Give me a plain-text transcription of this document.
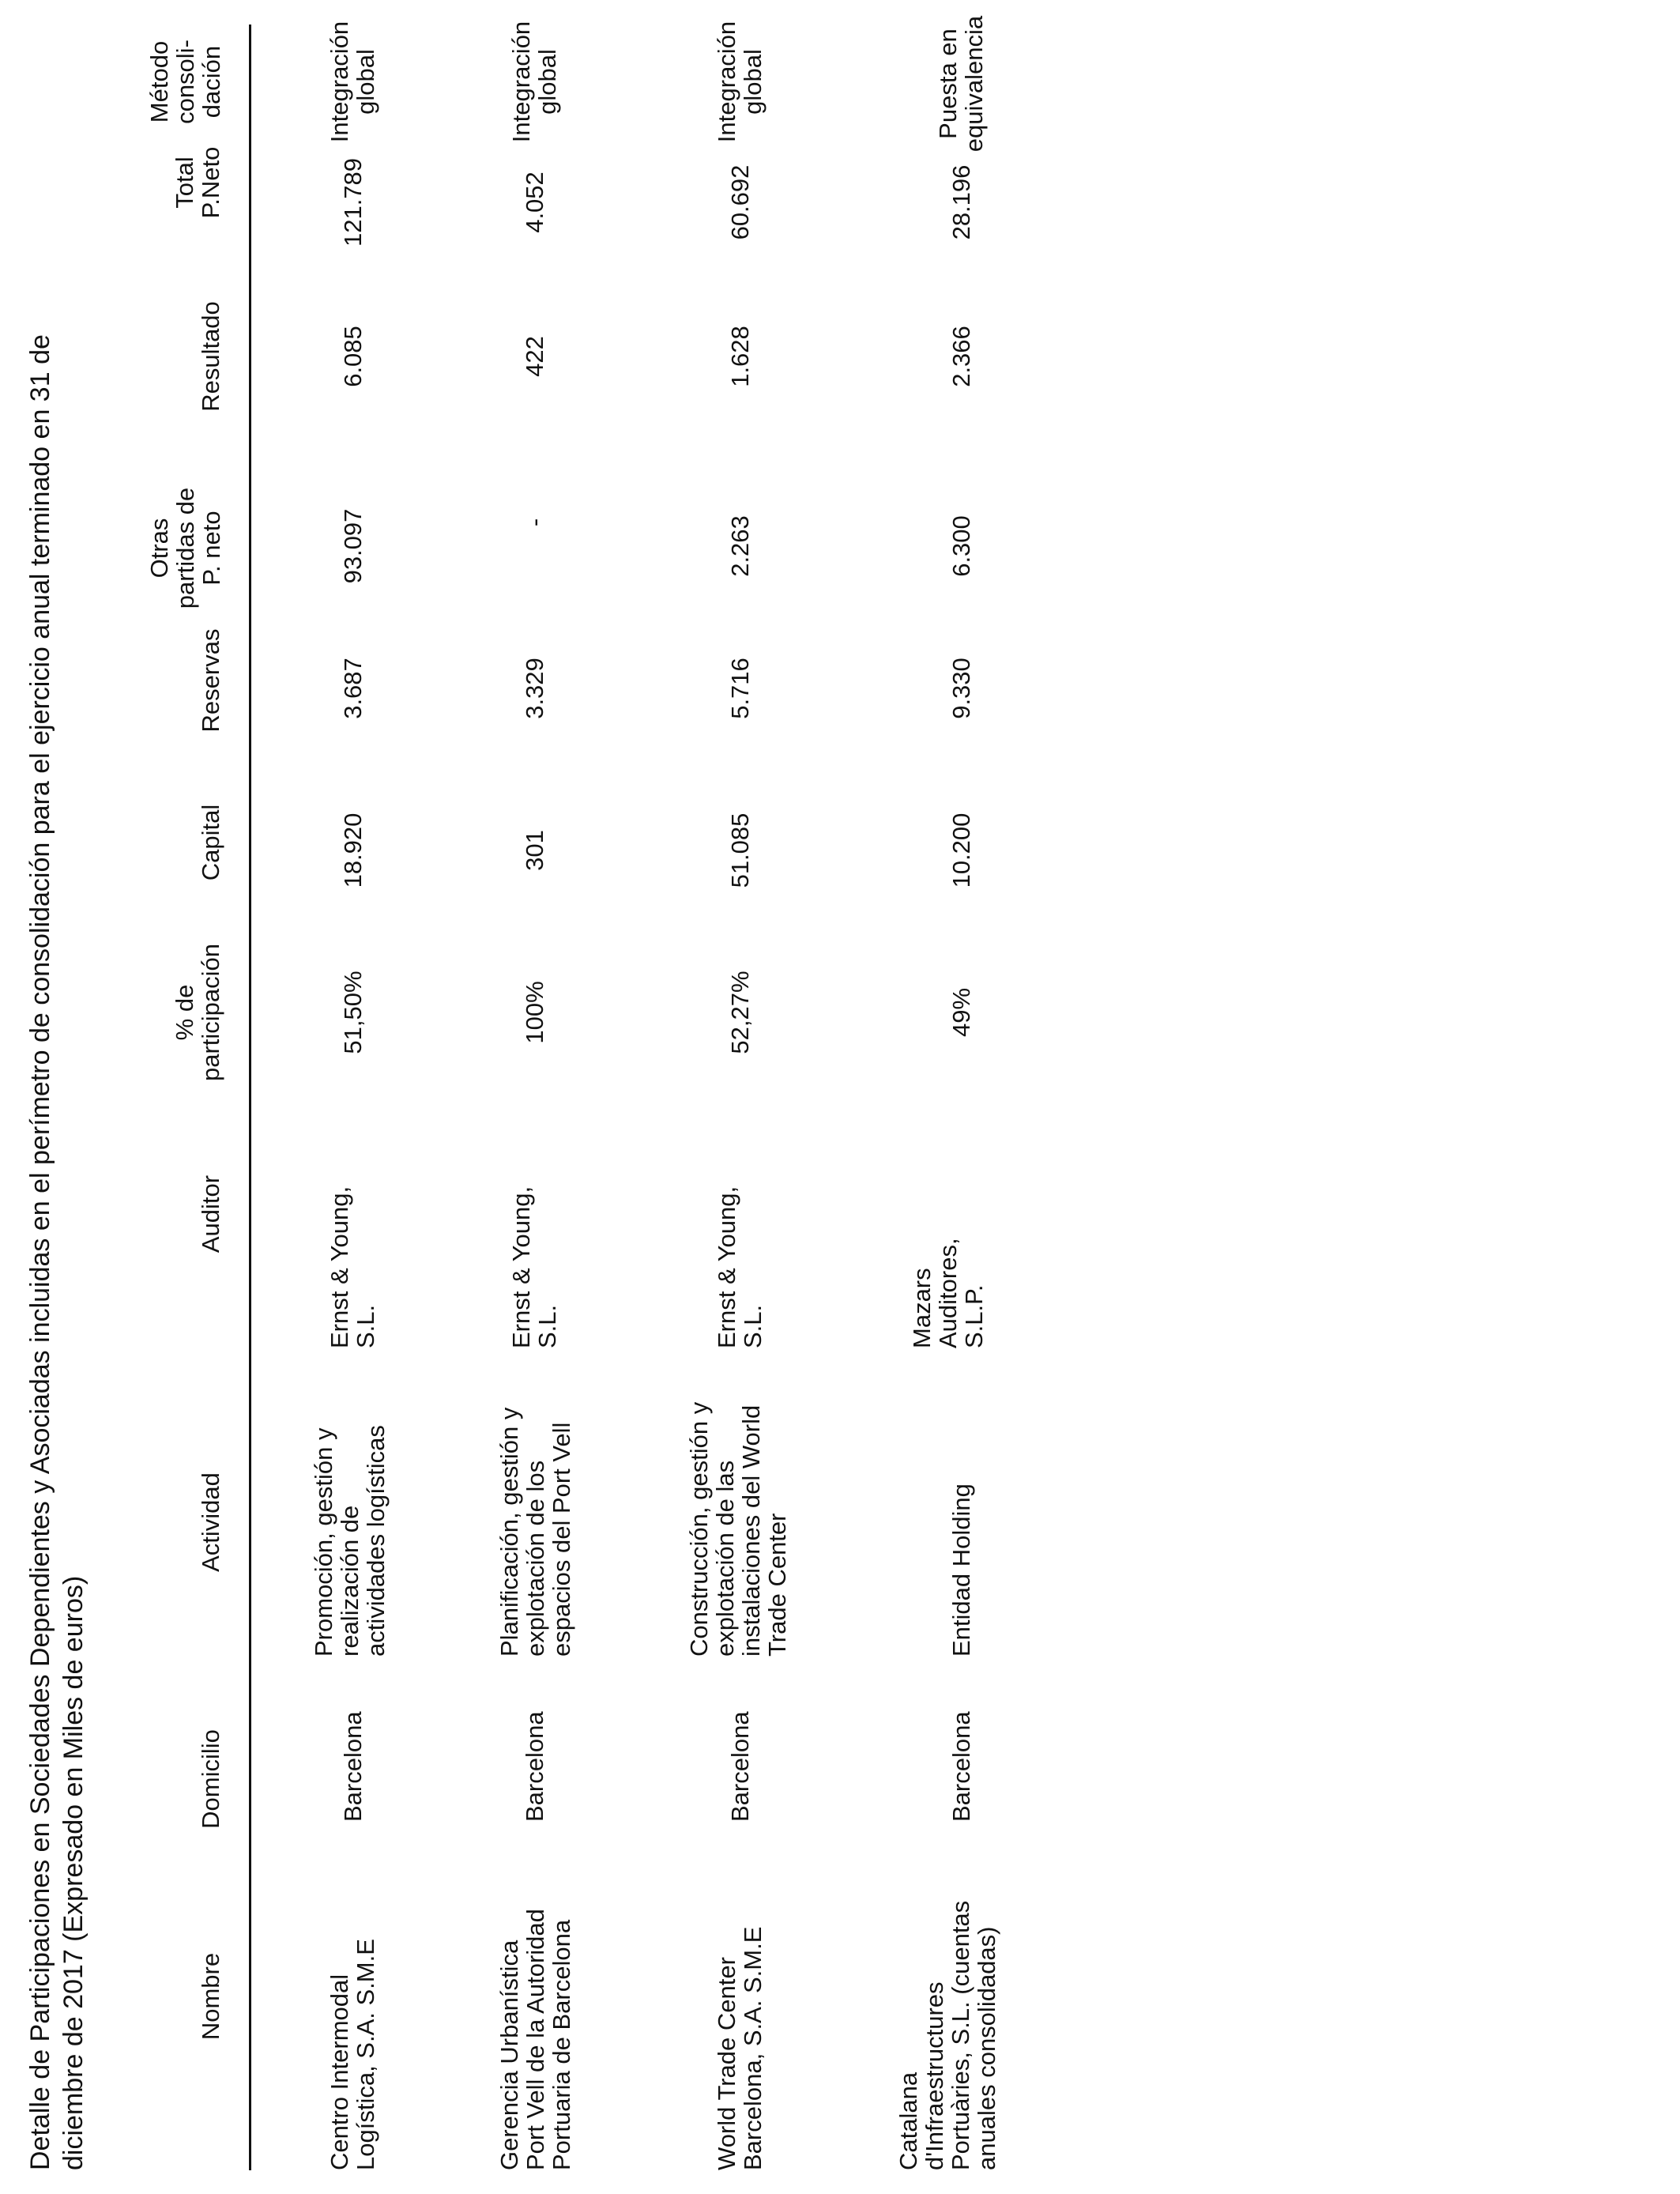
Detalle de Participaciones en Sociedades Dependientes y Asociadas incluidas en el perímetro de consolidación para el ejercicio anual terminado en 31 de diciembre de 2017 (Expresado en Miles de euros)	Nombre
Domicilio
Actividad
Auditor
% de
participación
Capital
Reservas
Otras
partidas de
P. neto
Resultado
Total
P.Neto
Método
consoli-
dación
Centro Intermodal
Logística, S.A. S.M.E
Barcelona
Promoción, gestión y
realización de
actividades logísticas
Ernst & Young,
S.L.
51,50%
18.920
3.687
93.097
6.085
121.789
Integración
global
Gerencia Urbanística
Port Vell de la Autoridad
Portuaria de Barcelona
Barcelona
Planificación, gestión y
explotación de los
espacios del Port Vell
Ernst & Young,
S.L.
100%
301
3.329
-
422
4.052
Integración
global
World Trade Center
Barcelona, S.A. S.M.E
Barcelona
Construcción, gestión y
explotación de las
instalaciones del World
Trade Center
Ernst & Young,
S.L.
52,27%
51.085
5.716
2.263
1.628
60.692
Integración
global
Catalana
d'Infraestructures
Portuàries, S.L. (cuentas
anuales consolidadas)
Barcelona
Entidad Holding
Mazars
Auditores,
S.L.P.
49%
10.200
9.330
6.300
2.366
28.196
Puesta en
equivalencia
